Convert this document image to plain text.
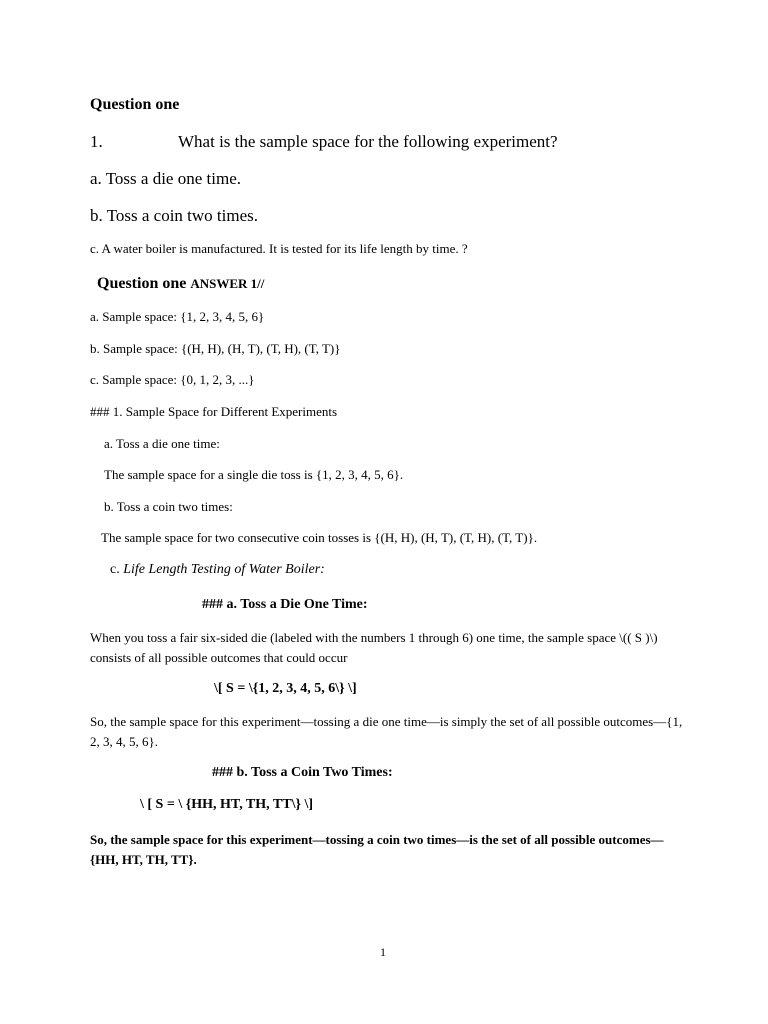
Question one
1.	What is the sample space for the following experiment?
a. Toss a die one time.
b. Toss a coin two times.
c. A water boiler is manufactured. It is tested for its life length by time. ?
Question one ANSWER 1//
a. Sample space: {1, 2, 3, 4, 5, 6}
b. Sample space: {(H, H), (H, T), (T, H), (T, T)}
c. Sample space: {0, 1, 2, 3, ...}
### 1. Sample Space for Different Experiments
a. Toss a die one time:
The sample space for a single die toss is {1, 2, 3, 4, 5, 6}.
b. Toss a coin two times:
The sample space for two consecutive coin tosses is {(H, H), (H, T), (T, H), (T, T)}.
c. Life Length Testing of Water Boiler:
### a. Toss a Die One Time:
When you toss a fair six-sided die (labeled with the numbers 1 through 6) one time, the sample space \(( S )\) consists of all possible outcomes that could occur
\[ S = \{1, 2, 3, 4, 5, 6\} \]
So, the sample space for this experiment—tossing a die one time—is simply the set of all possible outcomes—{1, 2, 3, 4, 5, 6}.
### b. Toss a Coin Two Times:
\ [ S = \ {HH, HT, TH, TT\} \]
So, the sample space for this experiment—tossing a coin two times—is the set of all possible outcomes—{HH, HT, TH, TT}.
1
